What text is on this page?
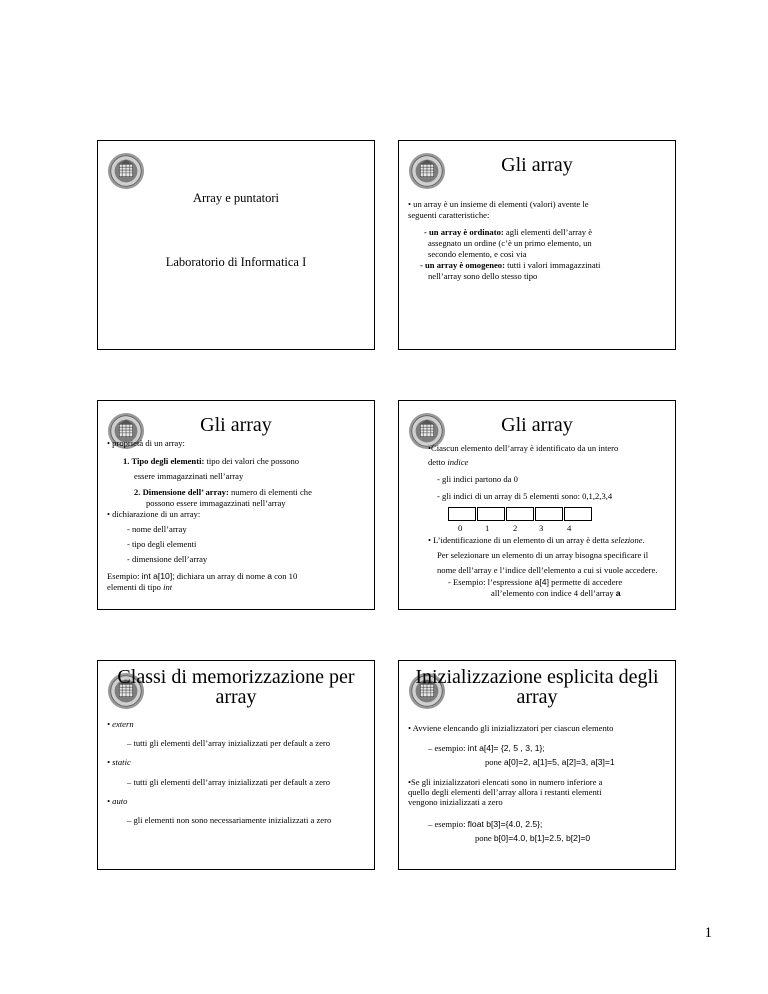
Array e puntatori
Laboratorio di Informatica I
Gli array
• un array è un insieme di elementi (valori) avente le
seguenti caratteristiche:
- un array è ordinato: agli elementi dell’array è
assegnato un ordine (c’è un primo elemento, un
secondo elemento, e così via
- un array è omogeneo: tutti i valori immagazzinati
nell’array sono dello stesso tipo
Gli array
• proprietà di un array:
1. Tipo degli elementi: tipo dei valori che possono
essere immagazzinati nell’array
2. Dimensione dell’ array: numero di elementi che
possono essere immagazzinati nell’array
• dichiarazione di un array:
- nome dell’array
- tipo degli elementi
- dimensione dell’array
Esempio: int a[10]; dichiara un array di nome a con 10
elementi di tipo int
Gli array
•Ciascun elemento dell’array è identificato da un intero
detto indice
- gli indici partono da 0
- gli indici di un array di 5 elementi sono: 0,1,2,3,4
0	1	2	3	4
• L’identificazione di un elemento di un array è detta selezione.
Per selezionare un elemento di un array bisogna specificare il
nome dell’array e l’indice dell’elemento a cui si vuole accedere.
- Esempio: l’espressione a[4] permette di accedere
all’elemento con indice 4 dell’array a
Classi di memorizzazione per
array
• extern
– tutti gli elementi dell’array inizializzati per default a zero
• static
– tutti gli elementi dell’array inizializzati per default a zero
• auto
– gli elementi non sono necessariamente inizializzati a zero
Inizializzazione esplicita degli
array
• Avviene elencando gli inizializzatori per ciascun elemento
– esempio: int a[4]= {2, 5 , 3, 1};
pone a[0]=2, a[1]=5, a[2]=3, a[3]=1
•Se gli inizializzatori elencati sono in numero inferiore a
quello degli elementi dell’array allora i restanti elementi
vengono inizializzati a zero
– esempio: float b[3]={4.0, 2.5};
pone b[0]=4.0, b[1]=2.5, b[2]=0
1
